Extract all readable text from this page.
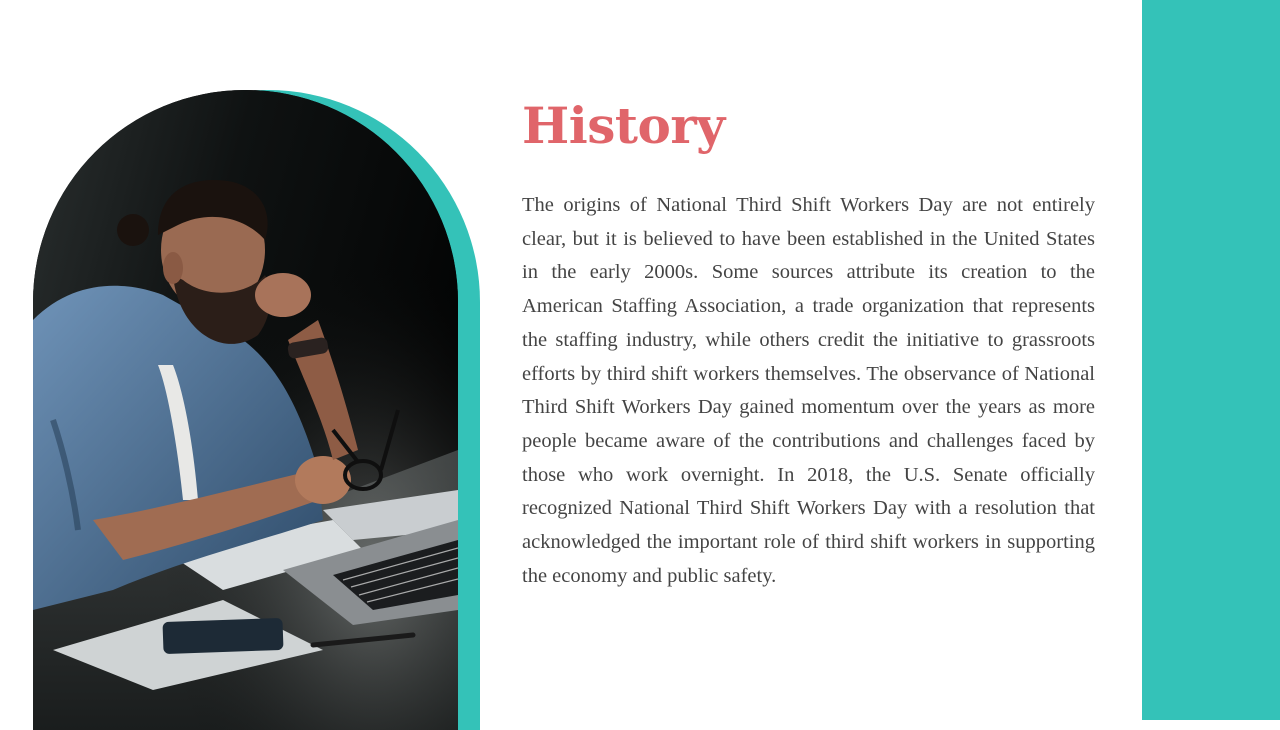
History

The origins of National Third Shift Workers Day are not entirely clear, but it is believed to have been established in the United States in the early 2000s. Some sources attribute its creation to the American Staffing Association, a trade organization that represents the staffing industry, while others credit the initiative to grassroots efforts by third shift workers themselves. The observance of National Third Shift Workers Day gained momentum over the years as more people became aware of the contributions and challenges faced by those who work overnight. In 2018, the U.S. Senate officially recognized National Third Shift Workers Day with a resolution that acknowledged the important role of third shift workers in supporting the economy and public safety.
